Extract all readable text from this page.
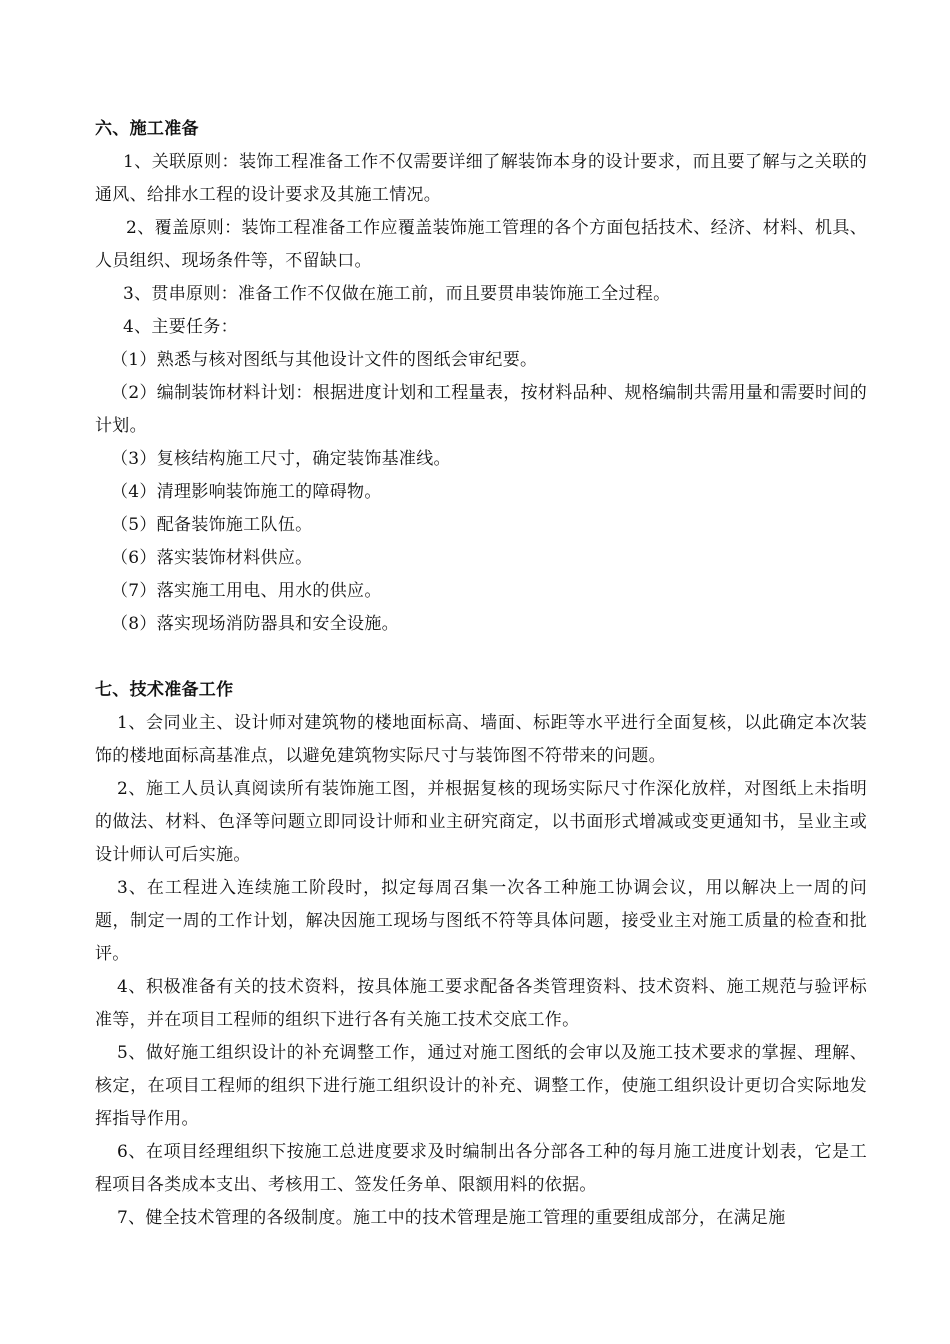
六、施工准备

1、关联原则：装饰工程准备工作不仅需要详细了解装饰本身的设计要求，而且要了解与之关联的通风、给排水工程的设计要求及其施工情况。

2、覆盖原则：装饰工程准备工作应覆盖装饰施工管理的各个方面包括技术、经济、材料、机具、人员组织、现场条件等，不留缺口。

3、贯串原则：准备工作不仅做在施工前，而且要贯串装饰施工全过程。

4、主要任务：

（1）熟悉与核对图纸与其他设计文件的图纸会审纪要。

（2）编制装饰材料计划：根据进度计划和工程量表，按材料品种、规格编制共需用量和需要时间的计划。

（3）复核结构施工尺寸，确定装饰基准线。

（4）清理影响装饰施工的障碍物。

（5）配备装饰施工队伍。

（6）落实装饰材料供应。

（7）落实施工用电、用水的供应。

（8）落实现场消防器具和安全设施。

七、技术准备工作

1、会同业主、设计师对建筑物的楼地面标高、墙面、标距等水平进行全面复核，以此确定本次装饰的楼地面标高基准点，以避免建筑物实际尺寸与装饰图不符带来的问题。

2、施工人员认真阅读所有装饰施工图，并根据复核的现场实际尺寸作深化放样，对图纸上未指明的做法、材料、色泽等问题立即同设计师和业主研究商定，以书面形式增减或变更通知书，呈业主或设计师认可后实施。

3、在工程进入连续施工阶段时，拟定每周召集一次各工种施工协调会议，用以解决上一周的问题，制定一周的工作计划，解决因施工现场与图纸不符等具体问题，接受业主对施工质量的检查和批评。

4、积极准备有关的技术资料，按具体施工要求配备各类管理资料、技术资料、施工规范与验评标准等，并在项目工程师的组织下进行各有关施工技术交底工作。

5、做好施工组织设计的补充调整工作，通过对施工图纸的会审以及施工技术要求的掌握、理解、核定，在项目工程师的组织下进行施工组织设计的补充、调整工作，使施工组织设计更切合实际地发挥指导作用。

6、在项目经理组织下按施工总进度要求及时编制出各分部各工种的每月施工进度计划表，它是工程项目各类成本支出、考核用工、签发任务单、限额用料的依据。

7、健全技术管理的各级制度。施工中的技术管理是施工管理的重要组成部分，在满足施
